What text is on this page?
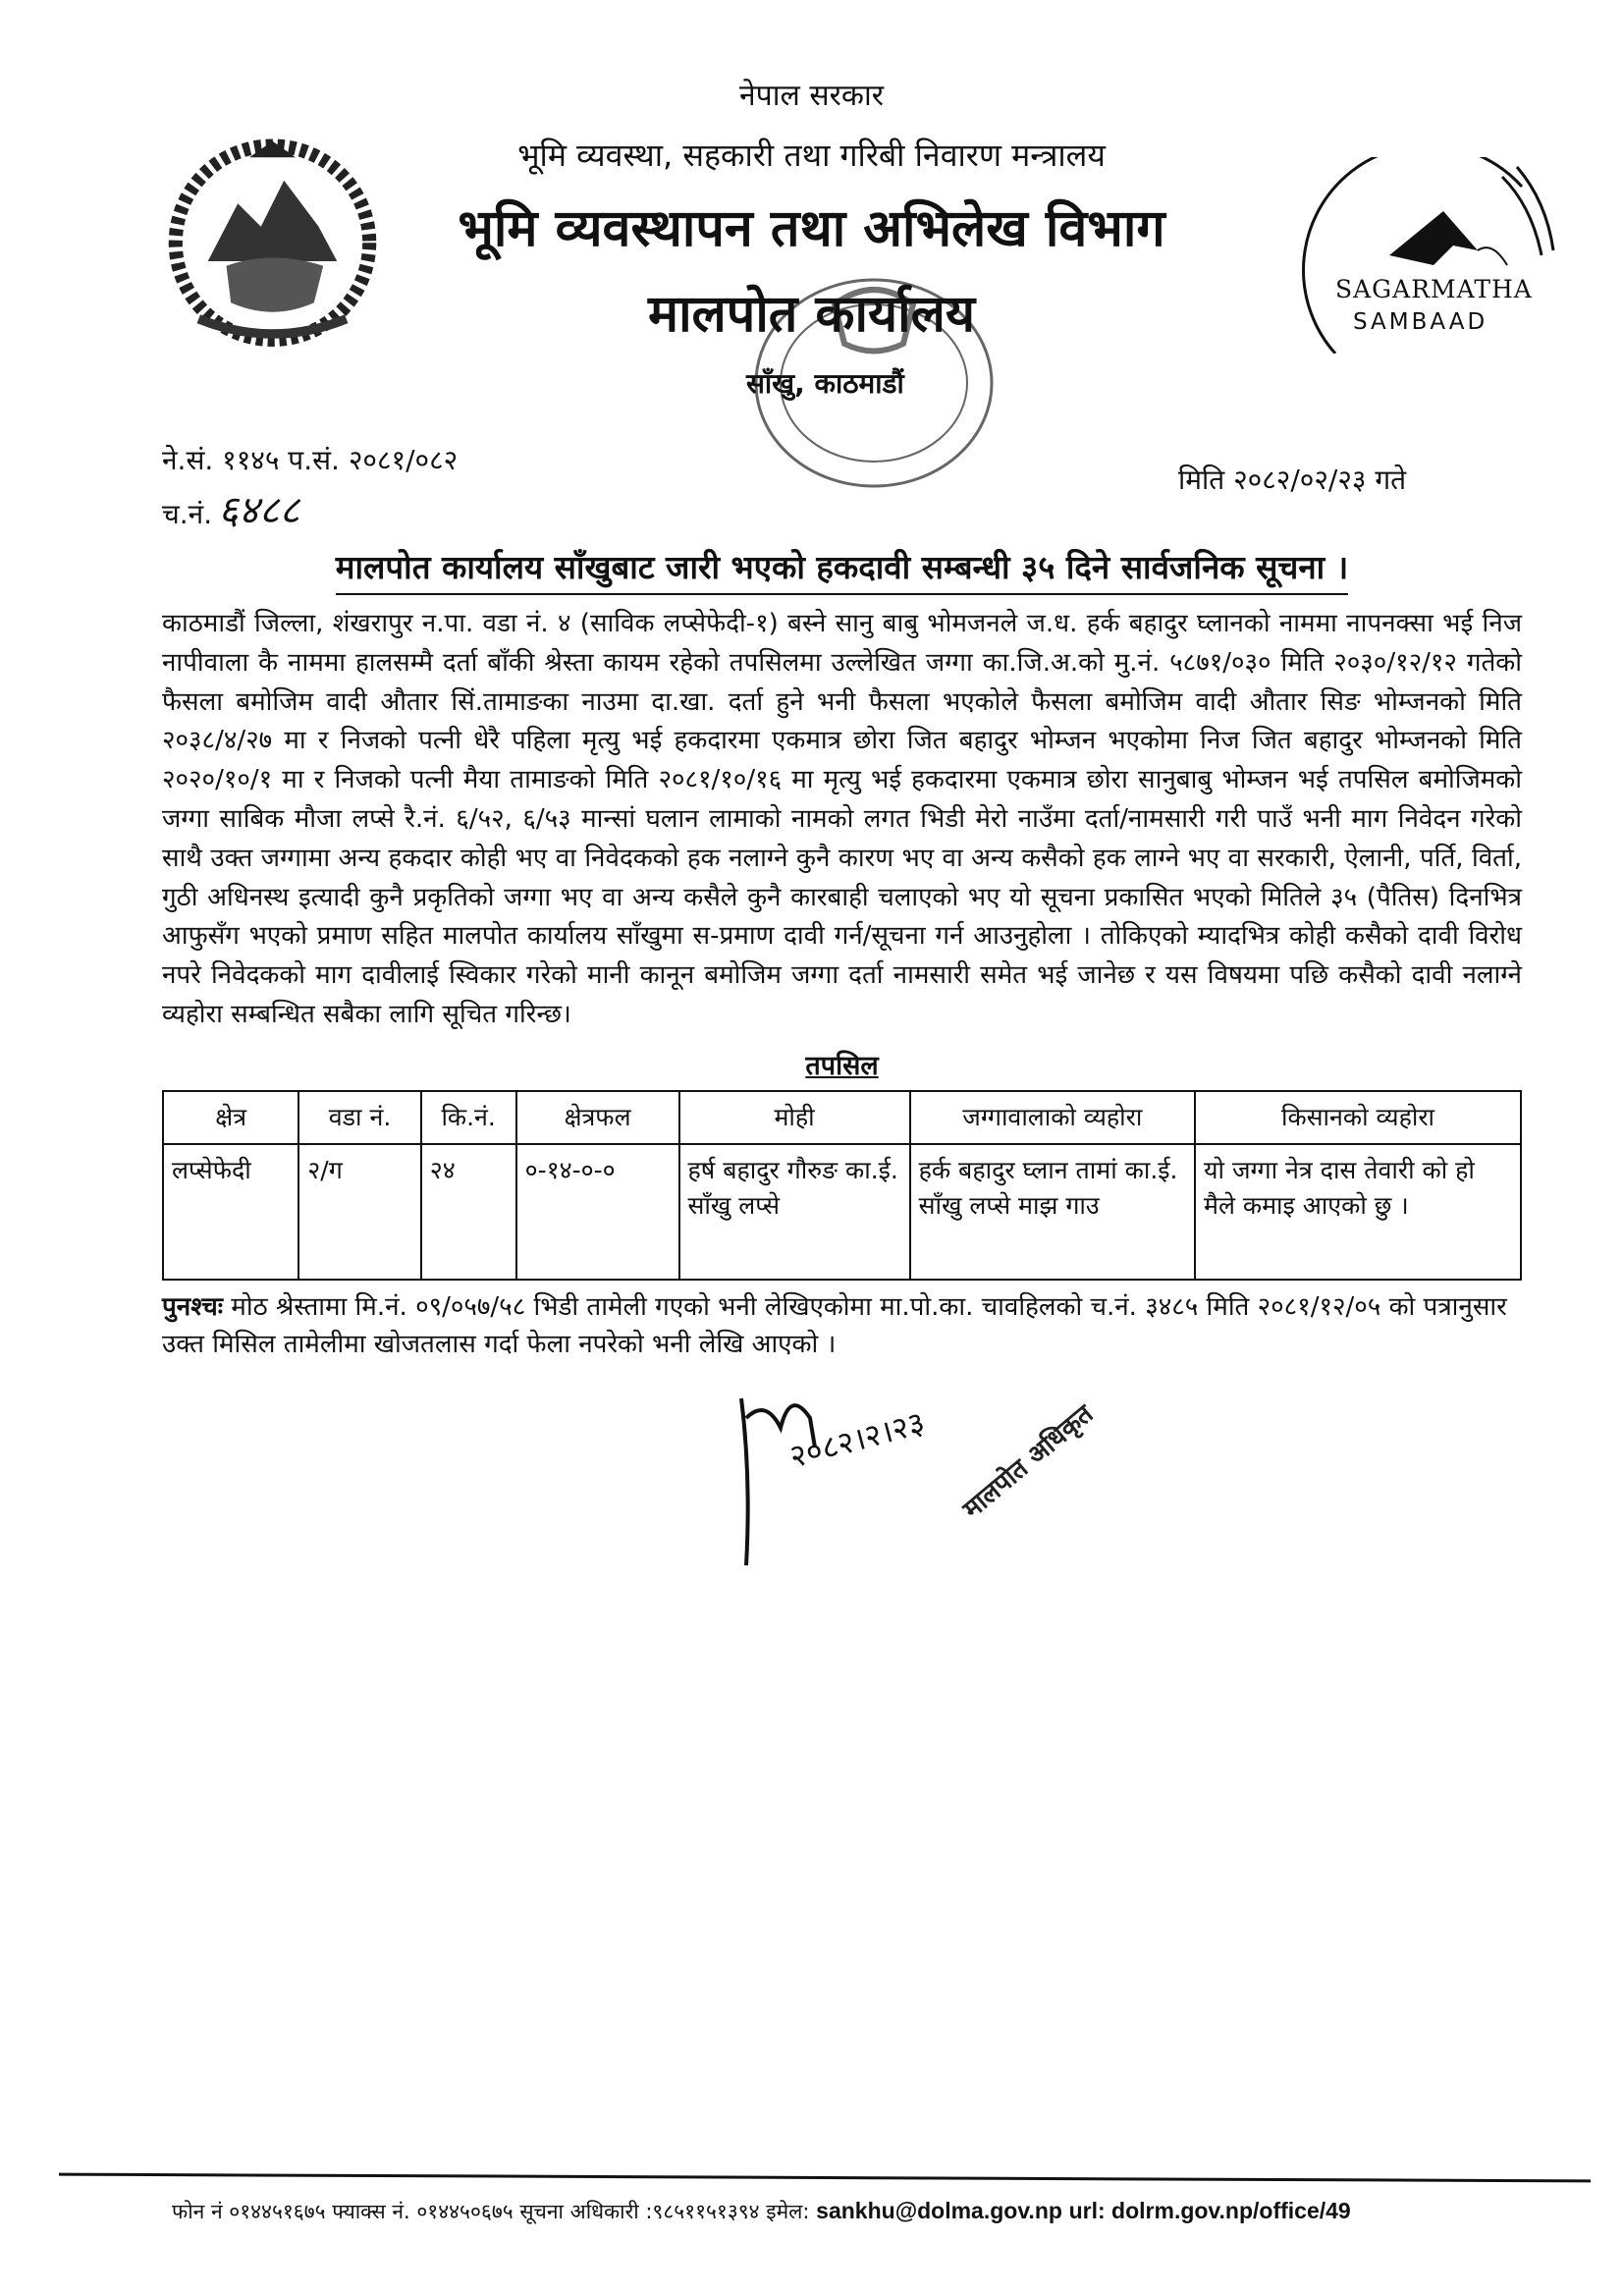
SAGARMATHA
SAMBAAD
नेपाल सरकार
भूमि व्यवस्था, सहकारी तथा गरिबी निवारण मन्त्रालय
भूमि व्यवस्थापन तथा अभिलेख विभाग
मालपोत कार्यालय
साँखु, काठमाडौं
ने.सं. ११४५ प.सं. २०८१/०८२
च.नं. ६४८८
मिति २०८२/०२/२३ गते
मालपोत कार्यालय साँखुबाट जारी भएको हकदावी सम्बन्धी ३५ दिने सार्वजनिक सूचना ।
काठमाडौं जिल्ला, शंखरापुर न.पा. वडा नं. ४ (साविक लप्सेफेदी-१) बस्ने सानु बाबु भोमजनले ज.ध. हर्क बहादुर घ्लानको नाममा नापनक्सा भई निज नापीवाला कै नाममा हालसम्मै दर्ता बाँकी श्रेस्ता कायम रहेको तपसिलमा उल्लेखित जग्गा का.जि.अ.को मु.नं. ५८७१/०३० मिति २०३०/१२/१२ गतेको फैसला बमोजिम वादी औतार सिं.तामाङका नाउमा दा.खा. दर्ता हुने भनी फैसला भएकोले फैसला बमोजिम वादी औतार सिङ भोम्जनको मिति २०३८/४/२७ मा र निजको पत्नी धेरै पहिला मृत्यु भई हकदारमा एकमात्र छोरा जित बहादुर भोम्जन भएकोमा निज जित बहादुर भोम्जनको मिति २०२०/१०/१ मा र निजको पत्नी मैया तामाङको मिति २०८१/१०/१६ मा मृत्यु भई हकदारमा एकमात्र छोरा सानुबाबु भोम्जन भई तपसिल बमोजिमको जग्गा साबिक मौजा लप्से रै.नं. ६/५२, ६/५३ मान्सां घलान लामाको नामको लगत भिडी मेरो नाउँमा दर्ता/नामसारी गरी पाउँ भनी माग निवेदन गरेको साथै उक्त जग्गामा अन्य हकदार कोही भए वा निवेदकको हक नलाग्ने कुनै कारण भए वा अन्य कसैको हक लाग्ने भए वा सरकारी, ऐलानी, पर्ति, विर्ता, गुठी अधिनस्थ इत्यादी कुनै प्रकृतिको जग्गा भए वा अन्य कसैले कुनै कारबाही चलाएको भए यो सूचना प्रकासित भएको मितिले ३५ (पैतिस) दिनभित्र आफुसँग भएको प्रमाण सहित मालपोत कार्यालय साँखुमा स-प्रमाण दावी गर्न/सूचना गर्न आउनुहोला । तोकिएको म्यादभित्र कोही कसैको दावी विरोध नपरे निवेदकको माग दावीलाई स्विकार गरेको मानी कानून बमोजिम जग्गा दर्ता नामसारी समेत भई जानेछ र यस विषयमा पछि कसैको दावी नलाग्ने व्यहोरा सम्बन्धित सबैका लागि सूचित गरिन्छ।
तपसिल
क्षेत्र	वडा नं.	कि.नं.	क्षेत्रफल	मोही	जग्गावालाको व्यहोरा	किसानको व्यहोरा
लप्सेफेदी	२/ग	२४	०-१४-०-०	हर्ष बहादुर गौरुङ का.ई. साँखु लप्से	हर्क बहादुर घ्लान तामां का.ई. साँखु लप्से माझ गाउ	यो जग्गा नेत्र दास तेवारी को हो मैले कमाइ आएको छु ।
पुनश्चः मोठ श्रेस्तामा मि.नं. ०९/०५७/५८ भिडी तामेली गएको भनी लेखिएकोमा मा.पो.का. चावहिलको च.नं. ३४८५ मिति २०८१/१२/०५ को पत्रानुसार उक्त मिसिल तामेलीमा खोजतलास गर्दा फेला नपरेको भनी लेखि आएको ।
२०८२।२।२३ मालपोत अधिकृत
फोन नं ०१४४५१६७५ फ्याक्स नं. ०१४४५०६७५ सूचना अधिकारी :९८५११५१३९४ इमेल: sankhu@dolma.gov.np url: dolrm.gov.np/office/49
